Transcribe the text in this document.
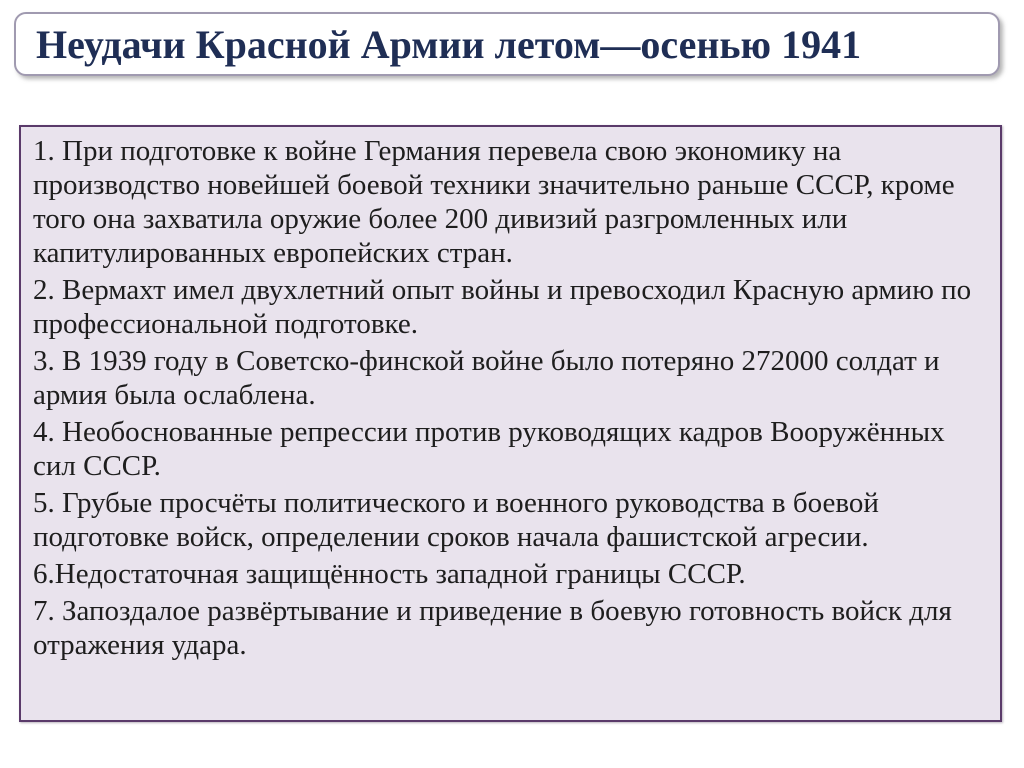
Неудачи Красной Армии летом—осенью 1941
1. При подготовке к войне Германия перевела свою экономику на производство новейшей боевой техники значительно раньше СССР, кроме того она захватила оружие более 200 дивизий разгромленных или капитулированных европейских стран.
2. Вермахт имел двухлетний опыт войны и превосходил Красную армию по профессиональной подготовке.
3. В 1939 году в Советско-финской войне было потеряно 272000 солдат и армия была ослаблена.
4. Необоснованные репрессии против руководящих кадров Вооружённых сил СССР.
5. Грубые просчёты политического и военного руководства в боевой подготовке войск, определении сроков начала фашистской агресии.
6.Недостаточная защищённость западной границы СССР.
7. Запоздалое развёртывание и приведение в боевую готовность войск для отражения удара.
